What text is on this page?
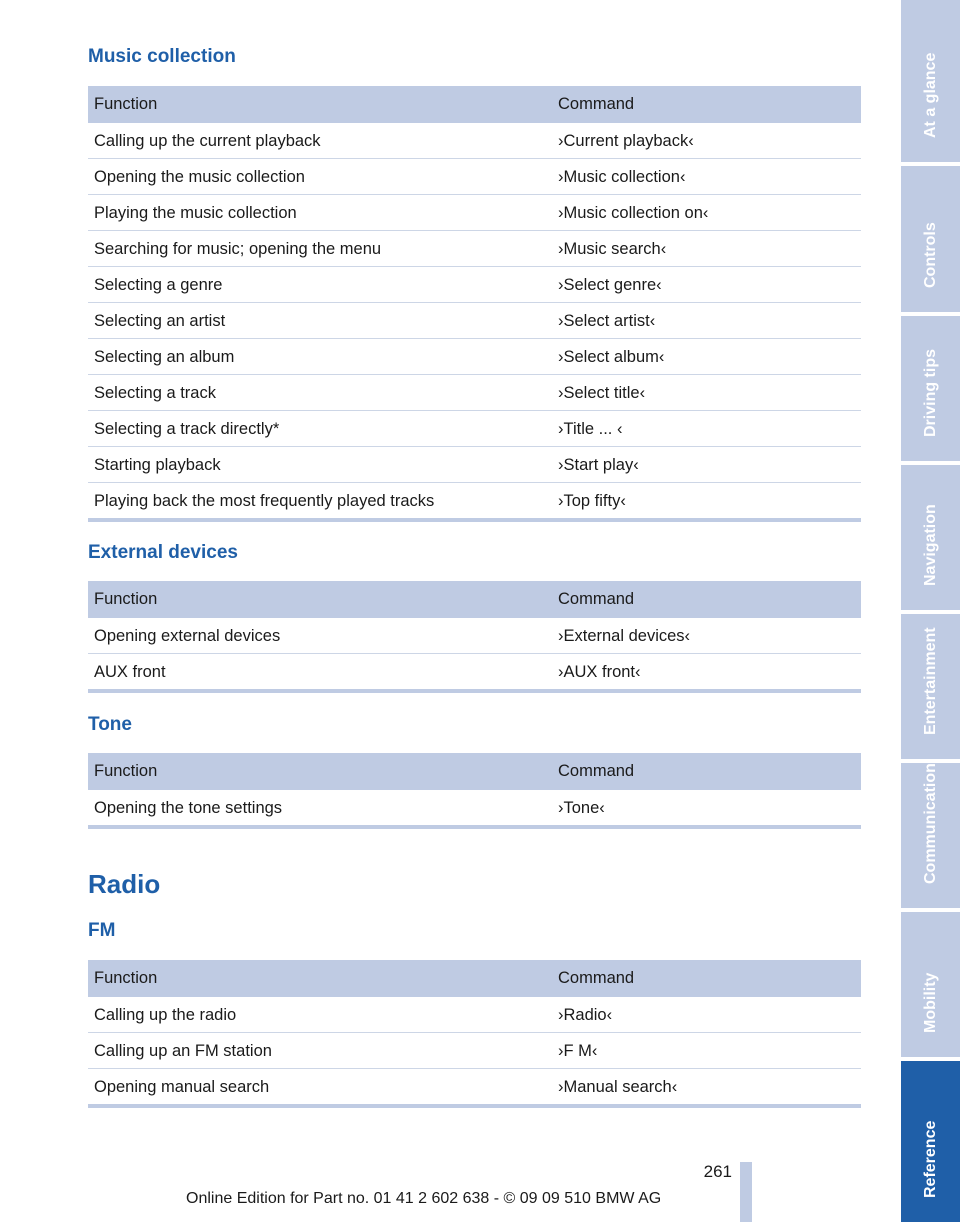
Music collection
Function	Command
Calling up the current playback	›Current playback‹
Opening the music collection	›Music collection‹
Playing the music collection	›Music collection on‹
Searching for music; opening the menu	›Music search‹
Selecting a genre	›Select genre‹
Selecting an artist	›Select artist‹
Selecting an album	›Select album‹
Selecting a track	›Select title‹
Selecting a track directly*	›Title ... ‹
Starting playback	›Start play‹
Playing back the most frequently played tracks	›Top fifty‹
External devices
Function	Command
Opening external devices	›External devices‹
AUX front	›AUX front‹
Tone
Function	Command
Opening the tone settings	›Tone‹
Radio
FM
Function	Command
Calling up the radio	›Radio‹
Calling up an FM station	›F M‹
Opening manual search	›Manual search‹
At a glance
Controls
Driving tips
Navigation
Entertainment
Communication
Mobility
Reference
261
Online Edition for Part no. 01 41 2 602 638 - © 09 09 510 BMW AG
